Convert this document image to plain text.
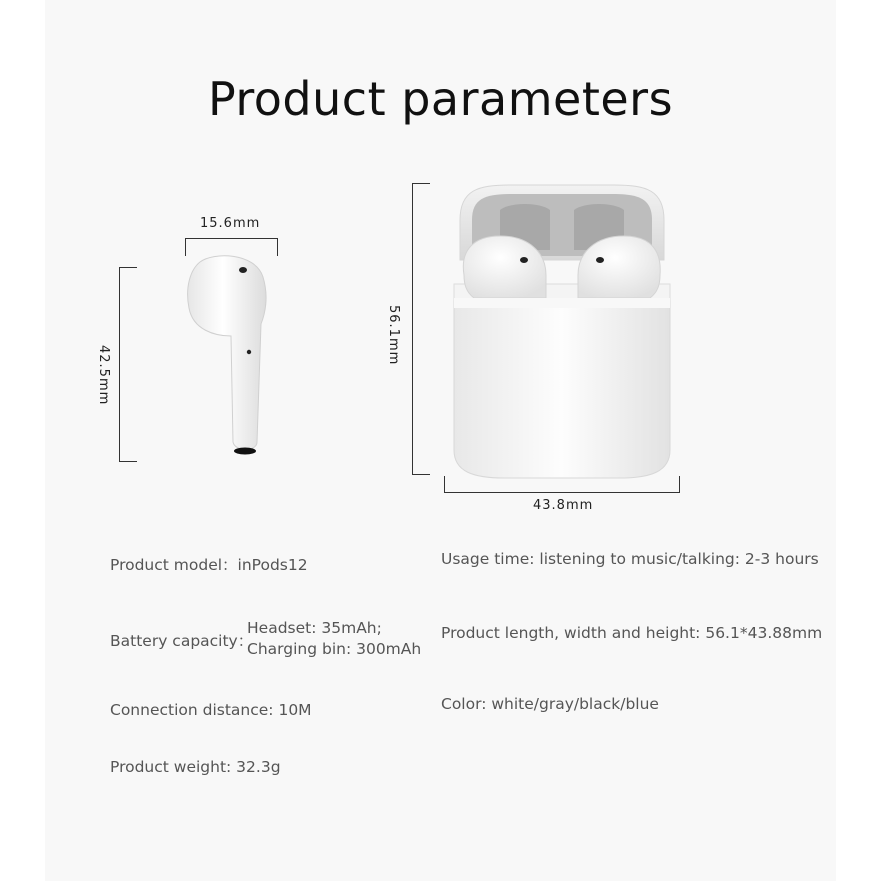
Product parameters
15.6mm
42.5mm
56.1mm
43.8mm
Product model：inPods12
Battery capacity：
Headset: 35mAh;
Charging bin: 300mAh
Connection distance: 10M
Product weight: 32.3g
Usage time: listening to music/talking: 2-3 hours
Product length, width and height: 56.1*43.88mm
Color: white/gray/black/blue
